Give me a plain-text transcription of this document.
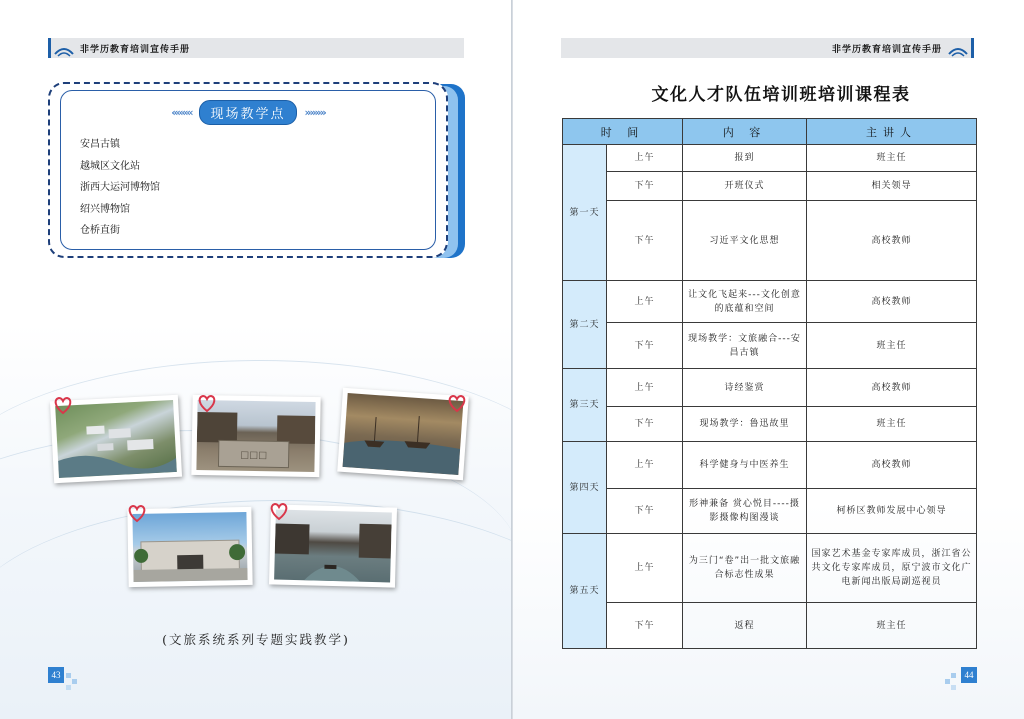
非学历教育培训宣传手册
‹‹‹‹‹‹‹‹	现场教学点	››››››››
安昌古镇
越城区文化站
浙西大运河博物馆
绍兴博物馆
仓桥直街
☐☐☐
(文旅系统系列专题实践教学)
43
非学历教育培训宣传手册
文化人才队伍培训班培训课程表
时 间		内 容	主讲人
第一天	上午	报到	班主任
	下午	开班仪式	相关领导
	下午	习近平文化思想	高校教师
第二天	上午	让文化飞起来---文化创意的底蕴和空间	高校教师
	下午	现场教学：文旅融合---安昌古镇	班主任
第三天	上午	诗经鉴赏	高校教师
	下午	现场教学：鲁迅故里	班主任
第四天	上午	科学健身与中医养生	高校教师
	下午	形神兼备 赏心悦目----摄影摄像构图漫谈	柯桥区教师发展中心领导
第五天	上午	为三门“卷”出一批文旅融合标志性成果	国家艺术基金专家库成员，浙江省公共文化专家库成员，原宁波市文化广电新闻出版局副巡视员
	下午	返程	班主任
44
